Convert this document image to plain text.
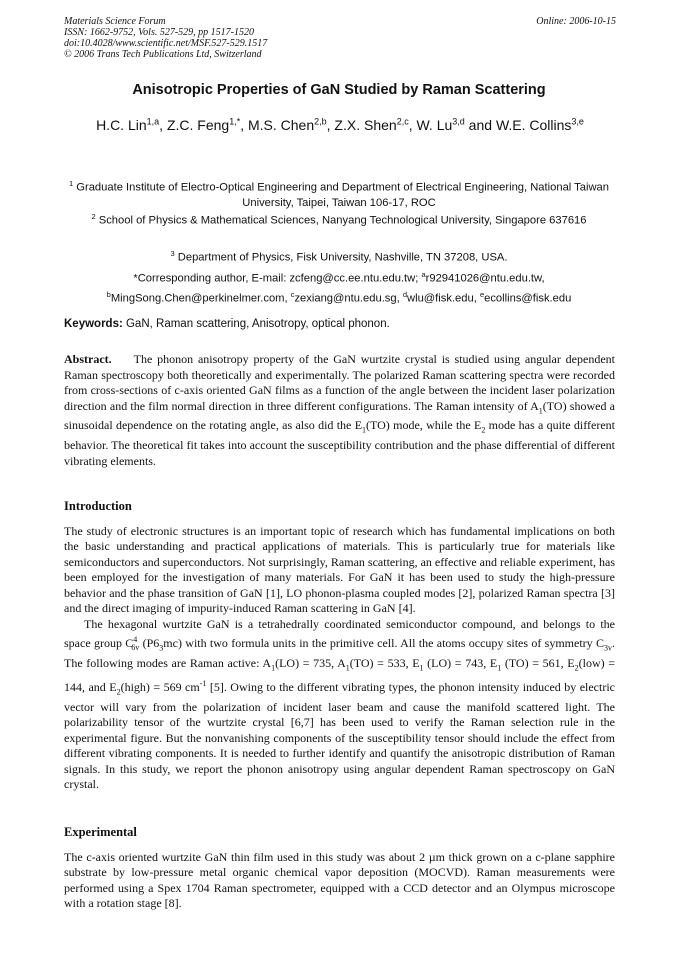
Materials Science Forum
ISSN: 1662-9752, Vols. 527-529, pp 1517-1520
doi:10.4028/www.scientific.net/MSF.527-529.1517
© 2006 Trans Tech Publications Ltd, Switzerland
Online: 2006-10-15
Anisotropic Properties of GaN Studied by Raman Scattering
H.C. Lin$^{1,a}$, Z.C. Feng$^{1,*}$, M.S. Chen$^{2,b}$, Z.X. Shen$^{2,c}$, W. Lu$^{3,d}$ and W.E. Collins$^{3,e}$
$^1$ Graduate Institute of Electro-Optical Engineering and Department of Electrical Engineering, National Taiwan University, Taipei, Taiwan 106-17, ROC
$^2$ School of Physics & Mathematical Sciences, Nanyang Technological University, Singapore 637616
$^3$ Department of Physics, Fisk University, Nashville, TN 37208, USA.
*Corresponding author, E-mail: zcfeng@cc.ee.ntu.edu.tw; $^a$r92941026@ntu.edu.tw,
$^b$MingSong.Chen@perkinelmer.com, $^c$zexiang@ntu.edu.sg, $^d$wlu@fisk.edu, $^e$ecollins@fisk.edu
Keywords: GaN, Raman scattering, Anisotropy, optical phonon.

Abstract. The phonon anisotropy property of the GaN wurtzite crystal is studied using angular dependent Raman spectroscopy both theoretically and experimentally. The polarized Raman scattering spectra were recorded from cross-sections of c-axis oriented GaN films as a function of the angle between the incident laser polarization direction and the film normal direction in three different configurations. The Raman intensity of $A_1(TO)$ showed a sinusoidal dependence on the rotating angle, as also did the $E_1(TO)$ mode, while the $E_2$ mode has a quite different behavior. The theoretical fit takes into account the susceptibility contribution and the phase differential of different vibrating elements.

Introduction

The study of electronic structures is an important topic of research which has fundamental implications on both the basic understanding and practical applications of materials. This is particularly true for materials like semiconductors and superconductors. Not surprisingly, Raman scattering, an effective and reliable experiment, has been employed for the investigation of many materials. For GaN it has been used to study the high-pressure behavior and the phase transition of GaN [1], LO phonon-plasma coupled modes [2], polarized Raman spectra [3] and the direct imaging of impurity-induced Raman scattering in GaN [4].

The hexagonal wurtzite GaN is a tetrahedrally coordinated semiconductor compound, and belongs to the space group $C^4_{6v}$ $(P6_3mc)$ with two formula units in the primitive cell. All the atoms occupy sites of symmetry $C_{3v}$. The following modes are Raman active: $A_1(LO) = 735$, $A_1(TO) = 533$, $E_1$ (LO) = 743, $E_1$ (TO) = 561, $E_2(low) = 144$, and $E_2(high) = 569$ $cm^{-1}$ [5]. Owing to the different vibrating types, the phonon intensity induced by electric vector will vary from the polarization of incident laser beam and cause the manifold scattered light. The polarizability tensor of the wurtzite crystal [6,7] has been used to verify the Raman selection rule in the experimental figure. But the nonvanishing components of the susceptibility tensor should include the effect from different vibrating components. It is needed to further identify and quantify the anisotropic distribution of Raman signals. In this study, we report the phonon anisotropy using angular dependent Raman spectroscopy on GaN crystal.

Experimental

The c-axis oriented wurtzite GaN thin film used in this study was about 2 µm thick grown on a c-plane sapphire substrate by low-pressure metal organic chemical vapor deposition (MOCVD). Raman measurements were performed using a Spex 1704 Raman spectrometer, equipped with a CCD detector and an Olympus microscope with a rotation stage [8].
